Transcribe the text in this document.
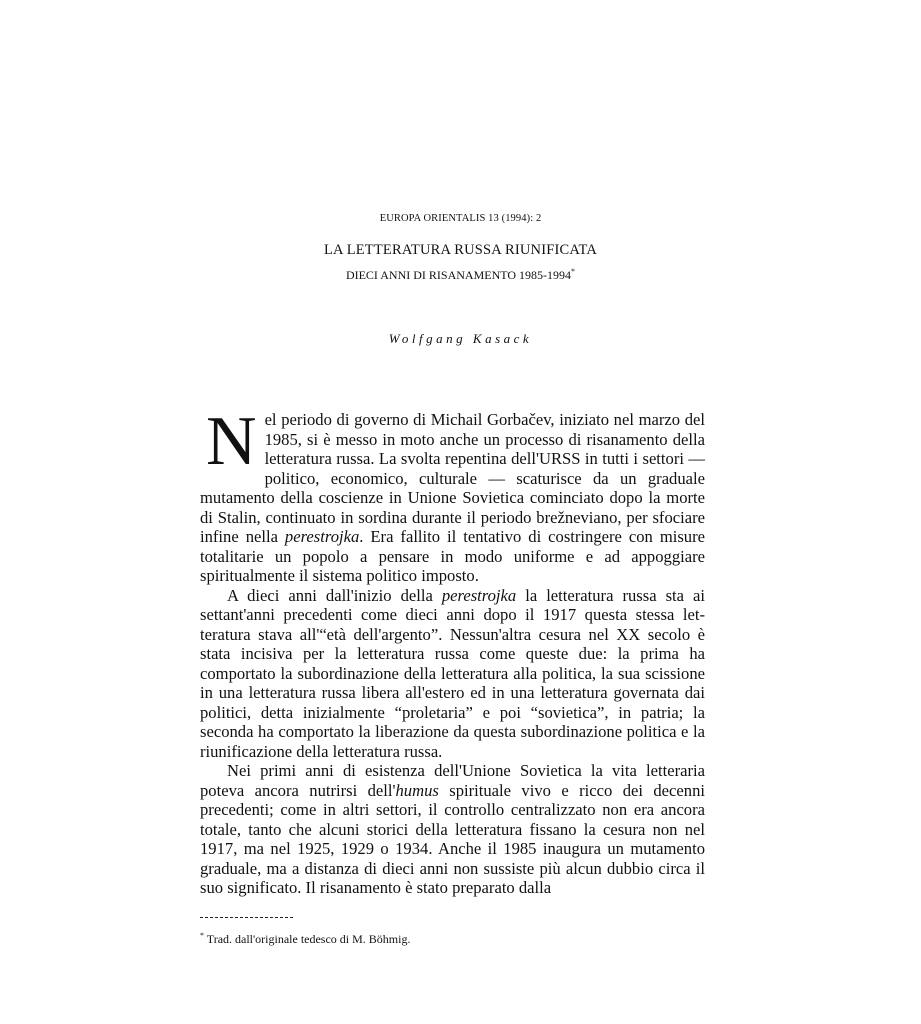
EUROPA ORIENTALIS 13 (1994): 2
LA LETTERATURA RUSSA RIUNIFICATA
DIECI ANNI DI RISANAMENTO 1985-1994*
Wolfgang Kasack

Nel periodo di governo di Michail Gorbačev, iniziato nel marzo del 1985, si è messo in moto anche un processo di risanamento della letteratura russa. La svolta repentina dell'URSS in tutti i settori — politico, economico, culturale — scaturisce da un graduale mutamento della coscienze in Unione Sovietica cominciato dopo la morte di Stalin, continuato in sordina durante il periodo brežneviano, per sfociare infine nella perestrojka. Era fallito il tentativo di costringere con misure totalitarie un popolo a pensare in modo uniforme e ad appoggiare spiritualmente il sistema politico imposto.

A dieci anni dall'inizio della perestrojka la letteratura russa sta ai settant'anni precedenti come dieci anni dopo il 1917 questa stessa letteratura stava all'“età dell'argento”. Nessun'altra cesura nel XX secolo è stata incisiva per la letteratura russa come queste due: la prima ha comportato la subordinazione della letteratura alla politica, la sua scissione in una letteratura russa libera all'estero ed in una letteratura governata dai politici, detta inizialmente “proletaria” e poi “sovietica”, in patria; la seconda ha comportato la liberazione da questa subordinazione politica e la riunificazione della letteratura russa.

Nei primi anni di esistenza dell'Unione Sovietica la vita letteraria poteva ancora nutrirsi dell'humus spirituale vivo e ricco dei decenni precedenti; come in altri settori, il controllo centralizzato non era ancora totale, tanto che alcuni storici della letteratura fissano la cesura non nel 1917, ma nel 1925, 1929 o 1934. Anche il 1985 inaugura un mutamento graduale, ma a distanza di dieci anni non sussiste più alcun dubbio circa il suo significato. Il risanamento è stato preparato dalla

* Trad. dall'originale tedesco di M. Böhmig.
